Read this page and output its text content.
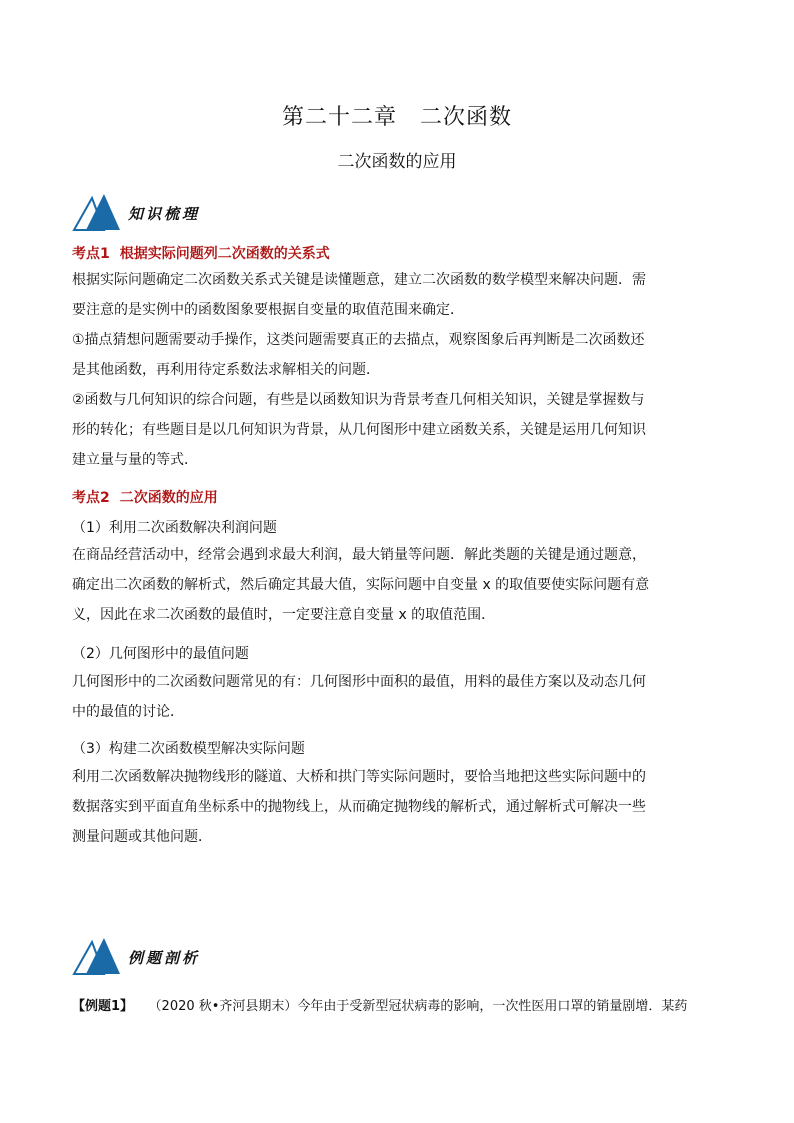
第二十二章　二次函数
二次函数的应用
知识梳理
考点1 根据实际问题列二次函数的关系式
根据实际问题确定二次函数关系式关键是读懂题意，建立二次函数的数学模型来解决问题．需
要注意的是实例中的函数图象要根据自变量的取值范围来确定．
①描点猜想问题需要动手操作，这类问题需要真正的去描点，观察图象后再判断是二次函数还
是其他函数，再利用待定系数法求解相关的问题．
②函数与几何知识的综合问题，有些是以函数知识为背景考查几何相关知识，关键是掌握数与
形的转化；有些题目是以几何知识为背景，从几何图形中建立函数关系，关键是运用几何知识
建立量与量的等式．
考点2 二次函数的应用
（1）利用二次函数解决利润问题
在商品经营活动中，经常会遇到求最大利润，最大销量等问题．解此类题的关键是通过题意，
确定出二次函数的解析式，然后确定其最大值，实际问题中自变量 x 的取值要使实际问题有意
义，因此在求二次函数的最值时，一定要注意自变量 x 的取值范围．
（2）几何图形中的最值问题
几何图形中的二次函数问题常见的有：几何图形中面积的最值，用料的最佳方案以及动态几何
中的最值的讨论．
（3）构建二次函数模型解决实际问题
利用二次函数解决抛物线形的隧道、大桥和拱门等实际问题时，要恰当地把这些实际问题中的
数据落实到平面直角坐标系中的抛物线上，从而确定抛物线的解析式，通过解析式可解决一些
测量问题或其他问题．
例题剖析
【例题1】 （2020 秋•齐河县期末）今年由于受新型冠状病毒的影响，一次性医用口罩的销量剧增．某药
